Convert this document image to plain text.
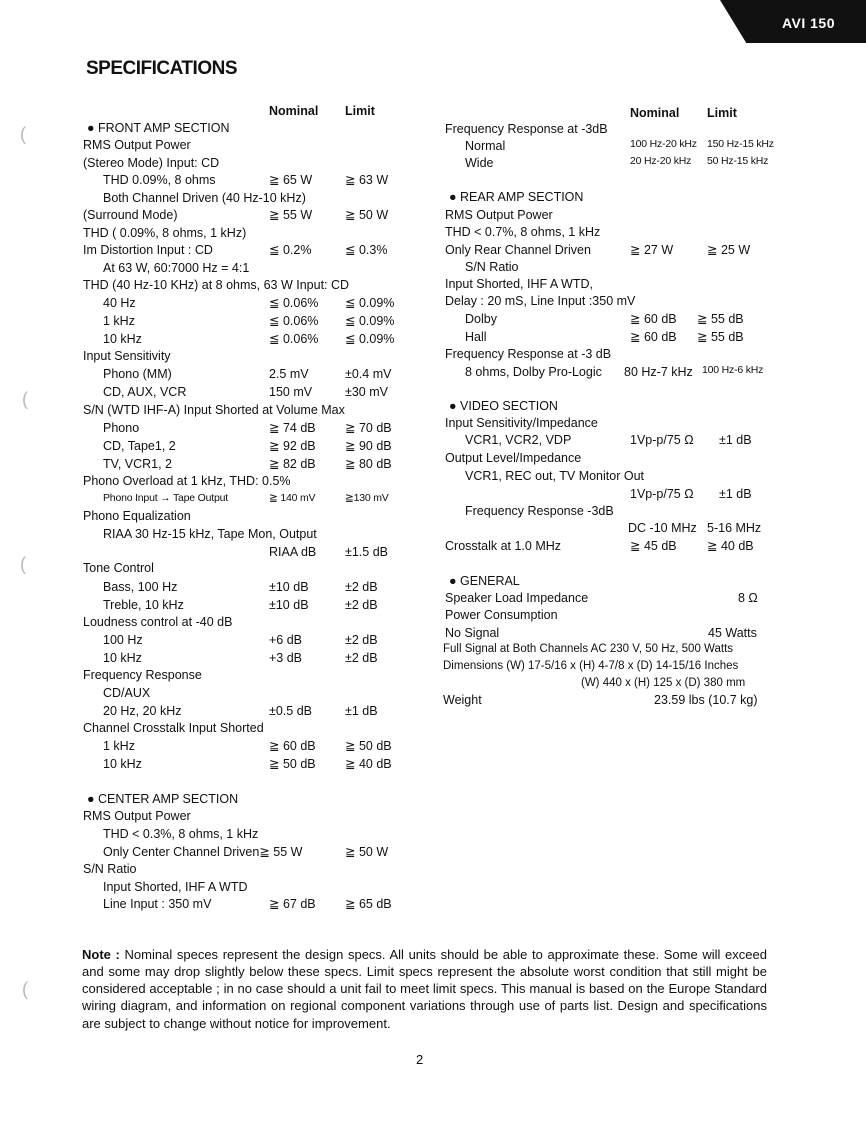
AVI 150
SPECIFICATIONS
Nominal Limit
● FRONT AMP SECTION
RMS Output Power
(Stereo Mode) Input: CD
THD 0.09%, 8 ohms	≧ 65 W	≧ 63 W
Both Channel Driven (40 Hz-10 kHz)
(Surround Mode)	≧ 55 W	≧ 50 W
THD ( 0.09%, 8 ohms, 1 kHz)
Im Distortion Input : CD	≦ 0.2%	≦ 0.3%
At 63 W, 60:7000 Hz = 4:1
THD (40 Hz-10 KHz) at 8 ohms, 63 W Input: CD
40 Hz	≦ 0.06% ≦ 0.09%
1 kHz	≦ 0.06% ≦ 0.09%
10 kHz	≦ 0.06% ≦ 0.09%
Input Sensitivity
Phono (MM)	2.5 mV	±0.4 mV
CD, AUX, VCR	150 mV	±30 mV
S/N (WTD IHF-A) Input Shorted at Volume Max
Phono	≧ 74 dB ≧ 70 dB
CD, Tape1, 2	≧ 92 dB ≧ 90 dB
TV, VCR1, 2	≧ 82 dB ≧ 80 dB
Phono Overload at 1 kHz, THD: 0.5%
Phono Input → Tape Output	≧ 140 mV	≧130 mV
Phono Equalization
RIAA 30 Hz-15 kHz, Tape Mon, Output
RIAA dB ±1.5 dB
Tone Control
Bass, 100 Hz	±10 dB	±2 dB
Treble, 10 kHz	±10 dB	±2 dB
Loudness control at -40 dB
100 Hz	+6 dB	±2 dB
10 kHz	+3 dB	±2 dB
Frequency Response
CD/AUX
20 Hz, 20 kHz	±0.5 dB	±1 dB
Channel Crosstalk Input Shorted
1 kHz	≧ 60 dB ≧ 50 dB
10 kHz	≧ 50 dB ≧ 40 dB
● CENTER AMP SECTION
RMS Output Power
THD < 0.3%, 8 ohms, 1 kHz
Only Center Channel Driven≧ 55 W	≧ 50 W
S/N Ratio
Input Shorted, IHF A WTD
Line Input : 350 mV	≧ 67 dB ≧ 65 dB
Nominal Limit
Frequency Response at -3dB
Normal	100 Hz-20 kHz 150 Hz-15 kHz
Wide	20 Hz-20 kHz 50 Hz-15 kHz
● REAR AMP SECTION
RMS Output Power
THD < 0.7%, 8 ohms, 1 kHz
Only Rear Channel Driven	≧ 27 W	≧ 25 W
S/N Ratio
Input Shorted, IHF A WTD,
Delay : 20 mS, Line Input :350 mV
Dolby	≧ 60 dB ≧ 55 dB
Hall	≧ 60 dB ≧ 55 dB
Frequency Response at -3 dB
8 ohms, Dolby Pro-Logic 80 Hz-7 kHz 100 Hz-6 kHz
● VIDEO SECTION
Input Sensitivity/Impedance
VCR1, VCR2, VDP	1Vp-p/75 Ω ±1 dB
Output Level/Impedance
VCR1, REC out, TV Monitor Out
1Vp-p/75 Ω ±1 dB
Frequency Response -3dB
DC -10 MHz 5-16 MHz
Crosstalk at 1.0 MHz	≧ 45 dB ≧ 40 dB
● GENERAL
Speaker Load Impedance	8 Ω
Power Consumption
No Signal	45 Watts
Full Signal at Both Channels AC 230 V, 50 Hz, 500 Watts
Dimensions (W) 17-5/16 x (H) 4-7/8 x (D) 14-15/16 Inches
(W) 440 x (H) 125 x (D) 380 mm
Weight	23.59 lbs (10.7 kg)
Note : Nominal speces represent the design specs. All units should be able to approximate these. Some will exceed and some may drop slightly below these specs. Limit specs represent the absolute worst condition that still might be considered acceptable ; in no case should a unit fail to meet limit specs. This manual is based on the Europe Standard wiring diagram, and information on regional component variations through use of parts list. Design and specifications are subject to change without notice for improvement.
2
(
(
(
(
